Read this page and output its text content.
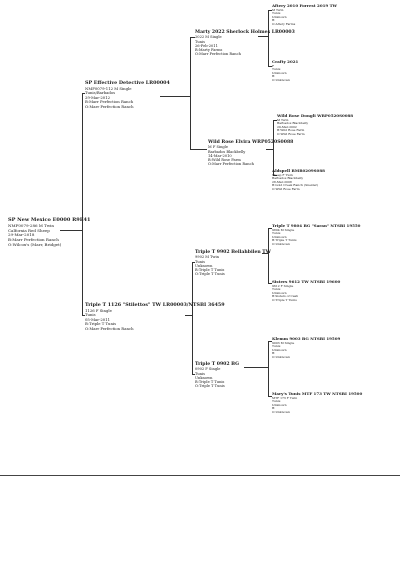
SP New Mexico E0000 R9E41
NMF0079-286 M Twin
Calfornia Red Sheep
29-Mar-2018
B:Marr Perfection Ranch
O:Wilcox's (Marr, Bridget)
SP Effective Detective LR00004
NMF0079-112 M Single
Tunis/Barbados
29-Mar-2012
B:Marr Perfection Ranch
O:Marr Perfection Ranch
Triple T 1126 "Stilettos" TW LR00003/NTSBI 36459
1126 F Single
Tunis
05-Mar-2011
B:Triple T Tunis
O:Marr Perfection Ranch
Marty 2022 Sherlock Holmes LR00003
2022 M Single
Tunis
26-Feb-2011
B:Marty Farms
O:Marr Perfection Ranch
Wild Rose Elvira WRP0520S0088
M F Single
Barbados Blackbelly
14-Mar-2010
B:Wild Rose Farm
O:Marr Perfection Ranch
Triple T 9902 Bellahbilen TW
9902 M Twin
Tunis
Unknown
B:Triple T Tunis
O:Triple T Tunis
Triple T 0902 BG
0902 F Single
Tunis
Unknown
B:Triple T Tunis
O:Triple T Tunis
Aftery 2010 Forrest 2019 TW
M Twin
Tunis
Unknown
B:
O:Aftery Farms
Crafty 2021
F
Tunis
Unknown
B:
O:Unknown
Wild Rose Dongli WRP0520S0088
M Twin
Barbados Blackbelly
29-Mar-2002
B:Wild Rose Farm
O:Wild Rose Farm
Aldspell RMR0209S088
Sheep F Twin
Barbados Blackbelly
28-Mar-2008
B:Gold Creek Ranch (Sneider)
O:Wild Rose Farm
Triple T 9804 BG "Saran" NTSBI 19550
9804 M Single
Tunis
Unknown
B:Triple T Tunis
O:Unknown
Sisters 9612 TW NTSBI 19600
9612 F Single
Tunis
Unknown
B:Sisters of Cash
O:Triple T Tunis
Klemm 9003 BG NTSBI 19509
9003 M Single
Tunis
Unknown
B:
O:Unknown
Mary's Tunis MTF 173 TW NTSBI 19500
MTF 173 F Twin
Tunis
Unknown
B:
O:Unknown
